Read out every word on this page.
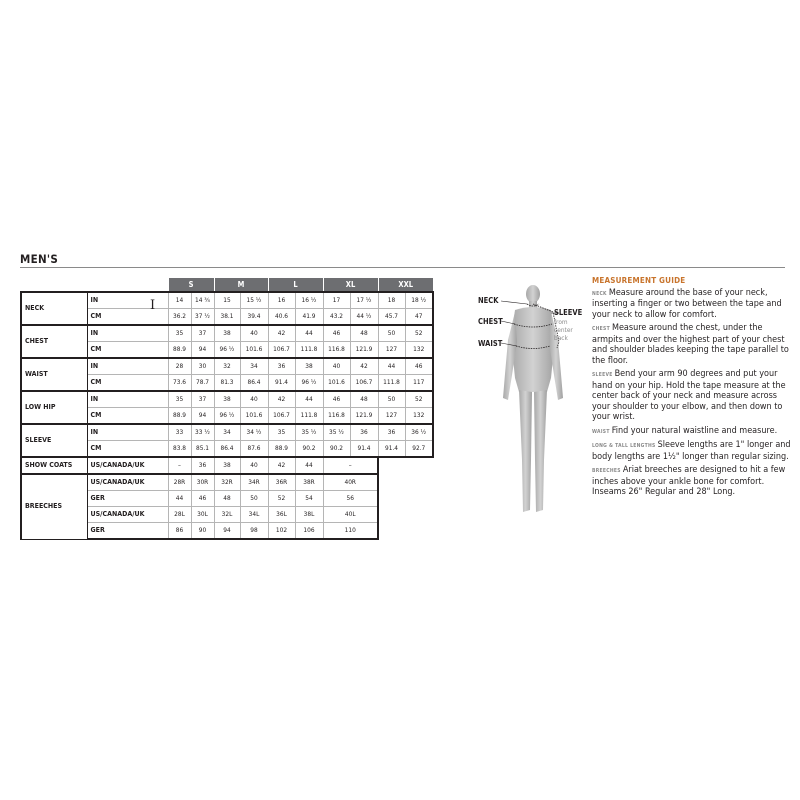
MEN'S
		S		M		L		XL		XXL	
NECK	IN	14	14 ¾	15	15 ½	16	16 ½	17	17 ½	18	18 ½
	CM	36.2	37 ½	38.1	39.4	40.6	41.9	43.2	44 ½	45.7	47
CHEST	IN	35	37	38	40	42	44	46	48	50	52
	CM	88.9	94	96 ½	101.6	106.7	111.8	116.8	121.9	127	132
WAIST	IN	28	30	32	34	36	38	40	42	44	46
	CM	73.6	78.7	81.3	86.4	91.4	96 ½	101.6	106.7	111.8	117
LOW HIP	IN	35	37	38	40	42	44	46	48	50	52
	CM	88.9	94	96 ½	101.6	106.7	111.8	116.8	121.9	127	132
SLEEVE	IN	33	33 ½	34	34 ½	35	35 ½	35 ½	36	36	36 ½
	CM	83.8	85.1	86.4	87.6	88.9	90.2	90.2	91.4	91.4	92.7
SHOW COATS	US/CANADA/UK	–	36	38	40	42	44	–			
BREECHES	US/CANADA/UK	28R	30R	32R	34R	36R	38R	40R			
	GER	44	46	48	50	52	54	56			
	US/CANADA/UK	28L	30L	32L	34L	36L	38L	40L			
	GER	86	90	94	98	102	106	110			
I	NECK
CHEST
WAIST
SLEEVE
from
center
back
MEASUREMENT GUIDE
NECK Measure around the base of your neck, inserting a finger or two between the tape and your neck to allow for comfort.
CHEST Measure around the chest, under the armpits and over the highest part of your chest and shoulder blades keeping the tape parallel to the floor.
SLEEVE Bend your arm 90 degrees and put your hand on your hip. Hold the tape measure at the center back of your neck and measure across your shoulder to your elbow, and then down to your wrist.
WAIST Find your natural waistline and measure.
LONG & TALL LENGTHS Sleeve lengths are 1" longer and body lengths are 1½" longer than regular sizing.
BREECHES Ariat breeches are designed to hit a few inches above your ankle bone for comfort. Inseams 26" Regular and 28" Long.
